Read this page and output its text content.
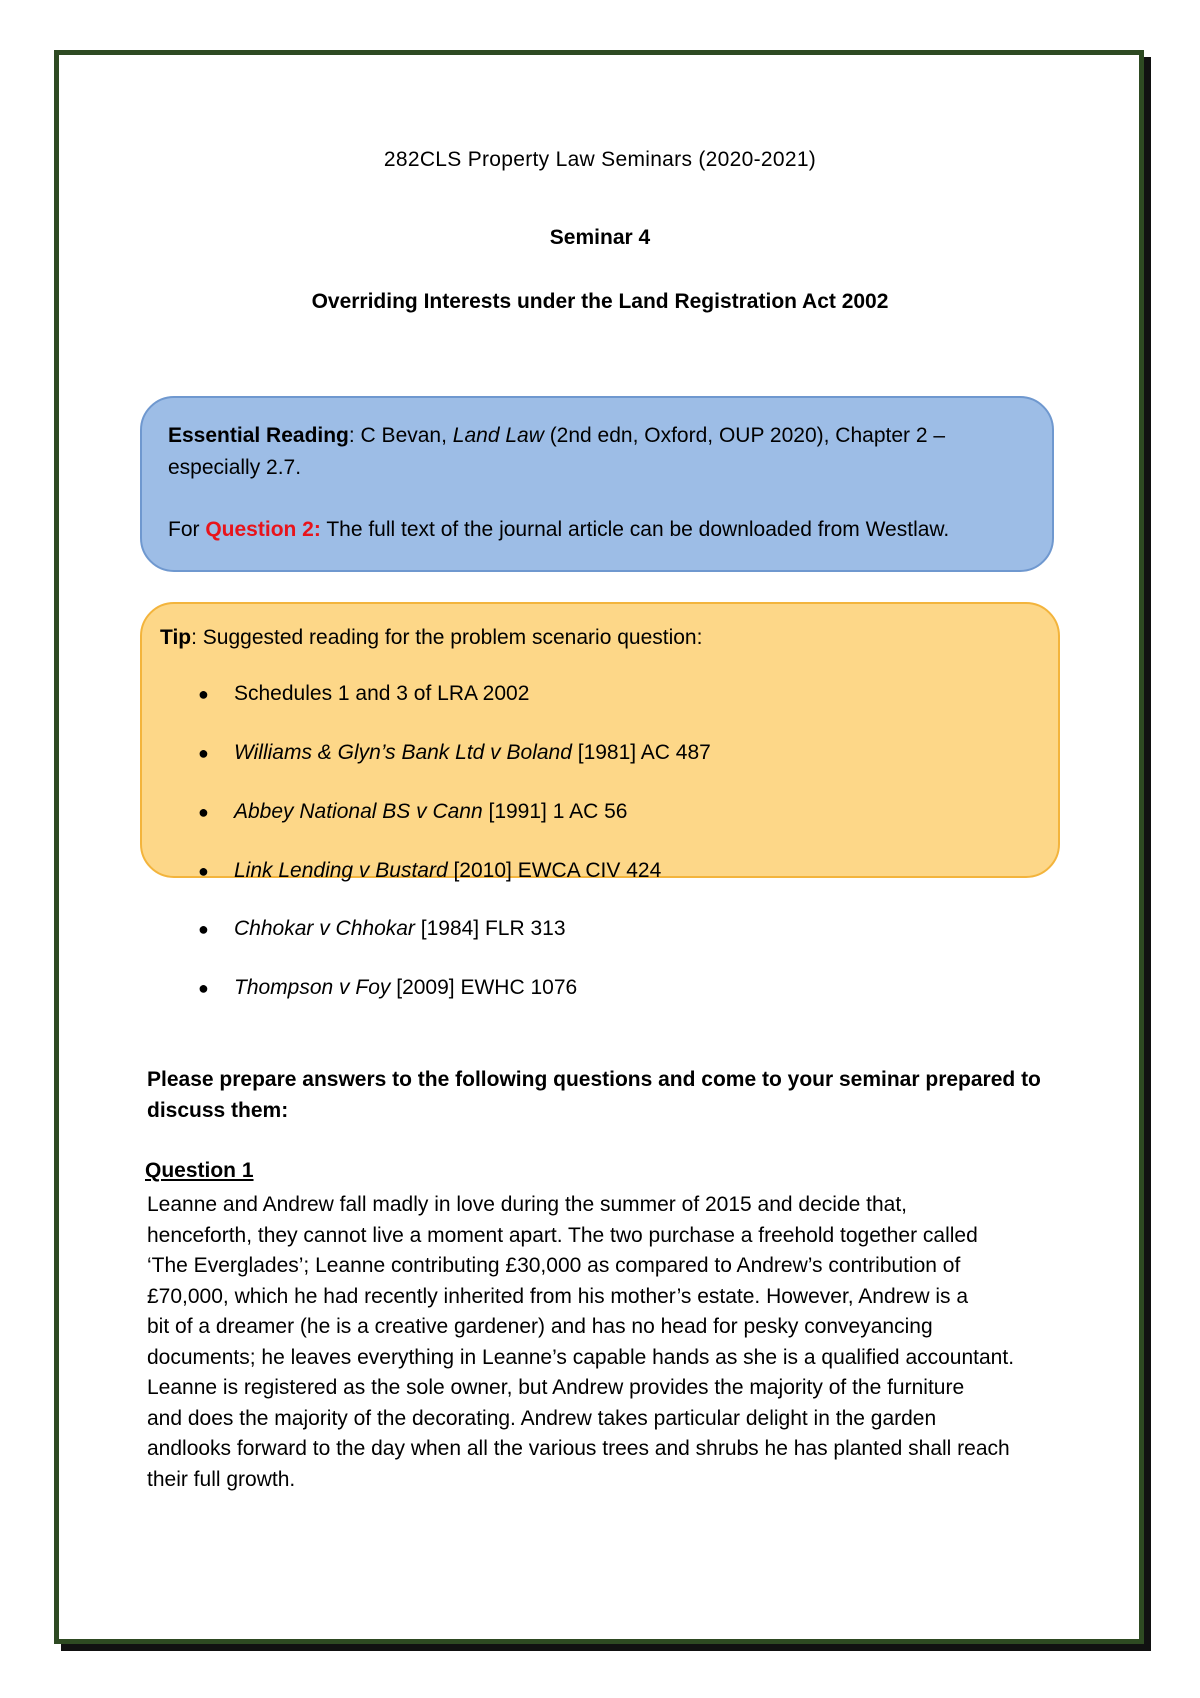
282CLS Property Law Seminars (2020-2021)
Seminar 4
Overriding Interests under the Land Registration Act 2002

Essential Reading: C Bevan, Land Law (2nd edn, Oxford, OUP 2020), Chapter 2 –

especially 2.7.

For Question 2: The full text of the journal article can be downloaded from Westlaw.

Tip: Suggested reading for the problem scenario question:
●	Schedules 1 and 3 of LRA 2002
●	Williams & Glyn’s Bank Ltd v Boland [1981] AC 487
●	Abbey National BS v Cann [1991] 1 AC 56
●	Link Lending v Bustard [2010] EWCA CIV 424
●	Chhokar v Chhokar [1984] FLR 313
●	Thompson v Foy [2009] EWHC 1076
Please prepare answers to the following questions and come to your seminar prepared to
discuss them:
Question 1
Leanne and Andrew fall madly in love during the summer of 2015 and decide that,
henceforth, they cannot live a moment apart. The two purchase a freehold together called
‘The Everglades’; Leanne contributing £30,000 as compared to Andrew’s contribution of
£70,000, which he had recently inherited from his mother’s estate. However, Andrew is a
bit of a dreamer (he is a creative gardener) and has no head for pesky conveyancing
documents; he leaves everything in Leanne’s capable hands as she is a qualified accountant.
Leanne is registered as the sole owner, but Andrew provides the majority of the furniture
and does the majority of the decorating. Andrew takes particular delight in the garden
andlooks forward to the day when all the various trees and shrubs he has planted shall reach
their full growth.
